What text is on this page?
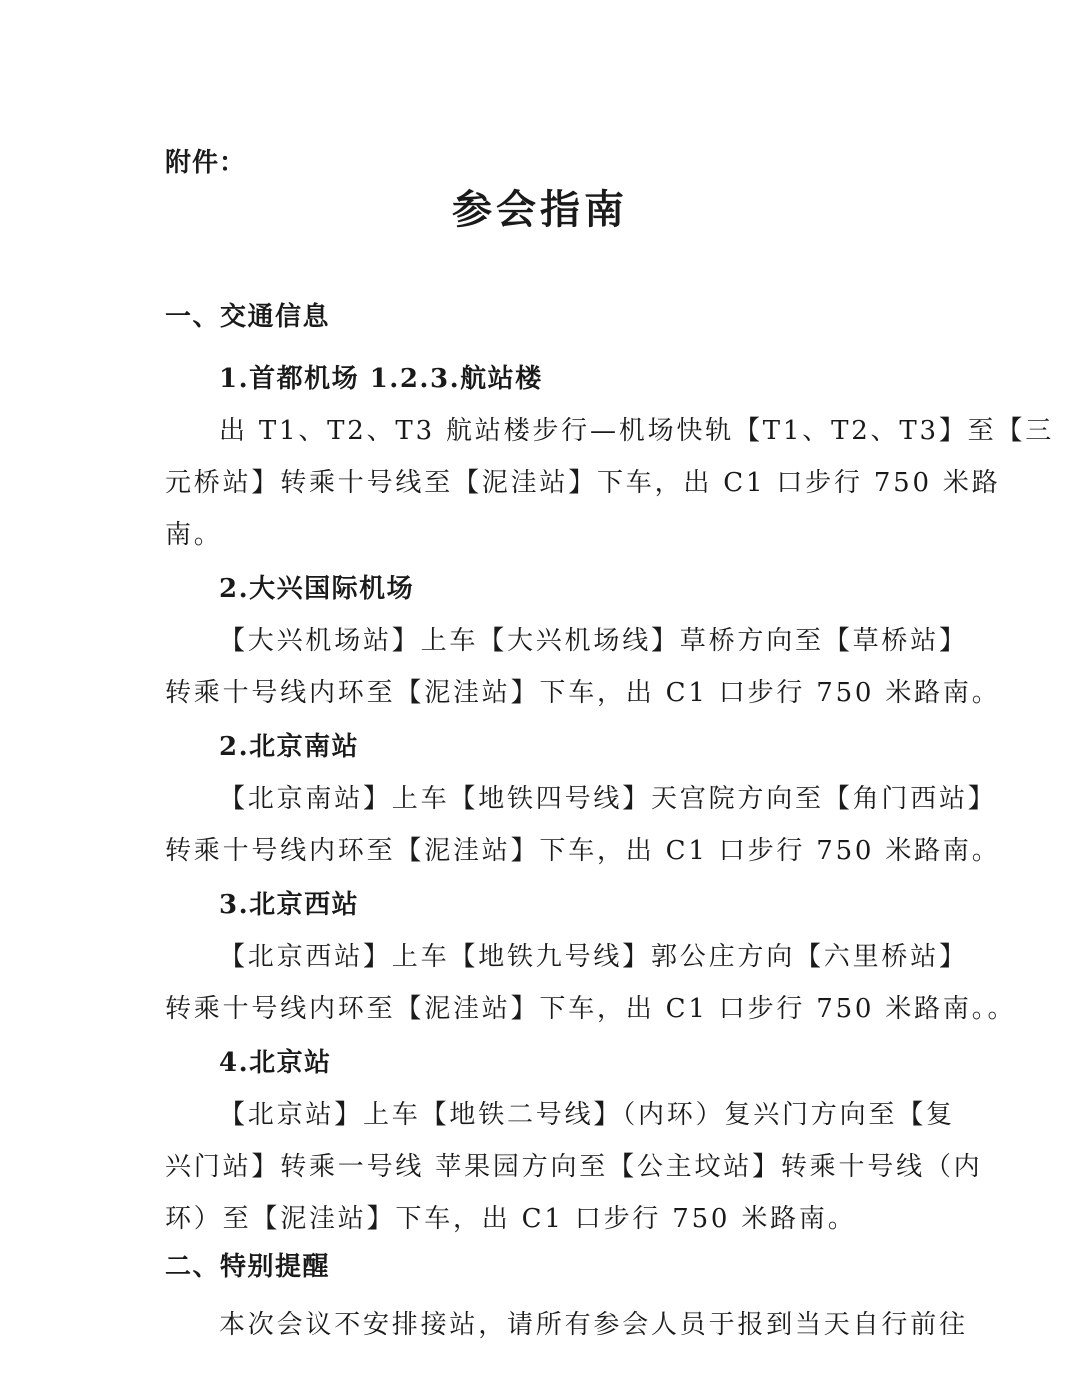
附件：
参会指南
一、交通信息
1.首都机场 1.2.3.航站楼
出 T1、T2、T3 航站楼步行—机场快轨【T1、T2、T3】至【三
元桥站】转乘十号线至【泥洼站】下车，出 C1 口步行 750 米路
南。
2.大兴国际机场
【大兴机场站】上车【大兴机场线】草桥方向至【草桥站】
转乘十号线内环至【泥洼站】下车，出 C1 口步行 750 米路南。
2.北京南站
【北京南站】上车【地铁四号线】天宫院方向至【角门西站】
转乘十号线内环至【泥洼站】下车，出 C1 口步行 750 米路南。
3.北京西站
【北京西站】上车【地铁九号线】郭公庄方向【六里桥站】
转乘十号线内环至【泥洼站】下车，出 C1 口步行 750 米路南。。
4.北京站
【北京站】上车【地铁二号线】（内环）复兴门方向至【复
兴门站】转乘一号线 苹果园方向至【公主坟站】转乘十号线（内
环）至【泥洼站】下车，出 C1 口步行 750 米路南。
二、特别提醒
本次会议不安排接站，请所有参会人员于报到当天自行前往
